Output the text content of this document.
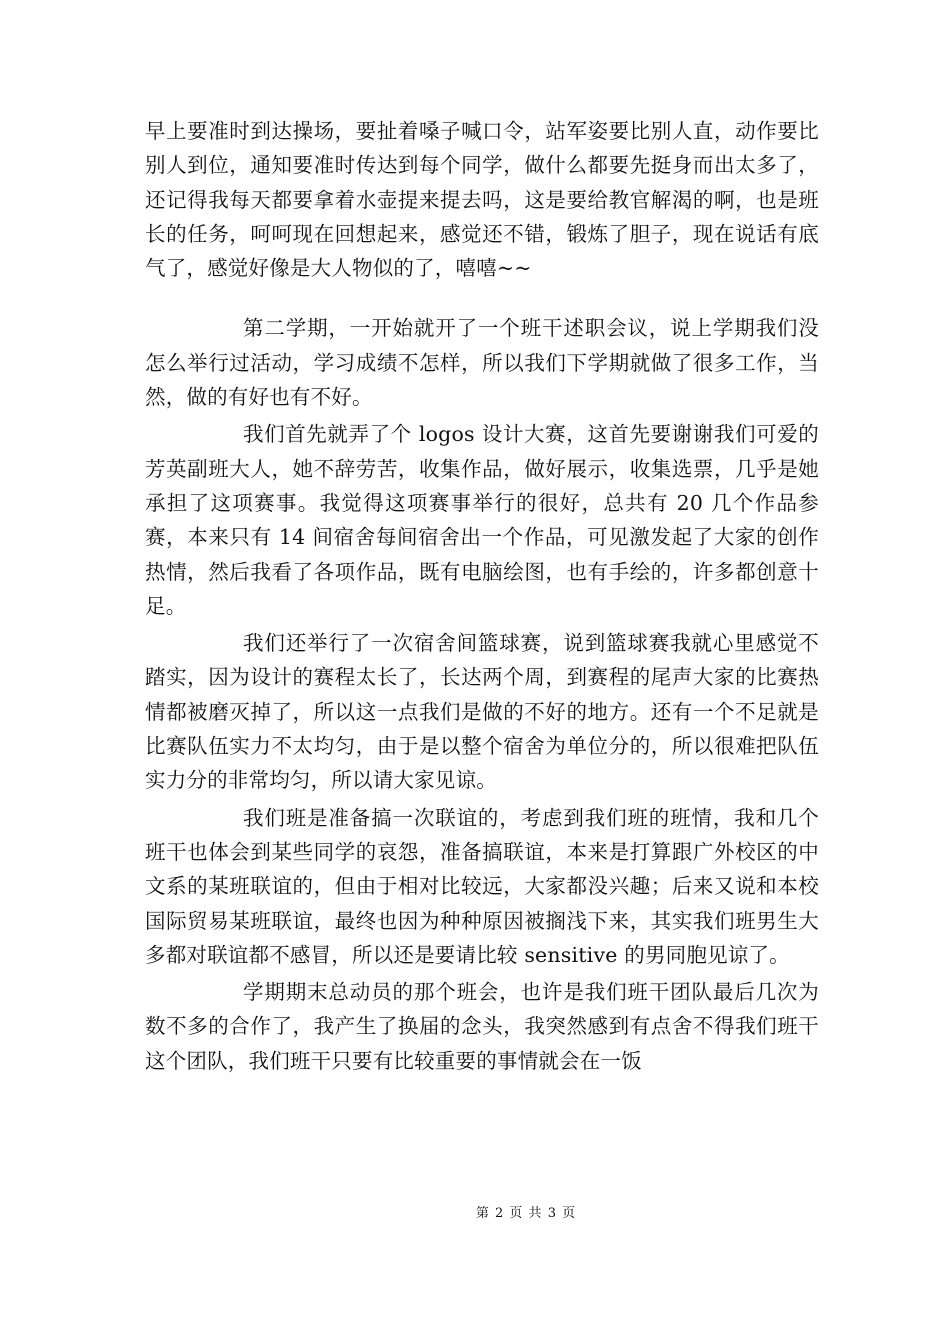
早上要准时到达操场，要扯着嗓子喊口令，站军姿要比别人直，动作要比别人到位，通知要准时传达到每个同学，做什么都要先挺身而出太多了，还记得我每天都要拿着水壶提来提去吗，这是要给教官解渴的啊，也是班长的任务，呵呵现在回想起来，感觉还不错，锻炼了胆子，现在说话有底气了，感觉好像是大人物似的了，嘻嘻~~

第二学期，一开始就开了一个班干述职会议，说上学期我们没怎么举行过活动，学习成绩不怎样，所以我们下学期就做了很多工作，当然，做的有好也有不好。

我们首先就弄了个 logos 设计大赛，这首先要谢谢我们可爱的芳英副班大人，她不辞劳苦，收集作品，做好展示，收集选票，几乎是她承担了这项赛事。我觉得这项赛事举行的很好，总共有 20 几个作品参赛，本来只有 14 间宿舍每间宿舍出一个作品，可见激发起了大家的创作热情，然后我看了各项作品，既有电脑绘图，也有手绘的，许多都创意十足。

我们还举行了一次宿舍间篮球赛，说到篮球赛我就心里感觉不踏实，因为设计的赛程太长了，长达两个周，到赛程的尾声大家的比赛热情都被磨灭掉了，所以这一点我们是做的不好的地方。还有一个不足就是比赛队伍实力不太均匀，由于是以整个宿舍为单位分的，所以很难把队伍实力分的非常均匀，所以请大家见谅。

我们班是准备搞一次联谊的，考虑到我们班的班情，我和几个班干也体会到某些同学的哀怨，准备搞联谊，本来是打算跟广外校区的中文系的某班联谊的，但由于相对比较远，大家都没兴趣；后来又说和本校国际贸易某班联谊，最终也因为种种原因被搁浅下来，其实我们班男生大多都对联谊都不感冒，所以还是要请比较 sensitive 的男同胞见谅了。

学期期末总动员的那个班会，也许是我们班干团队最后几次为数不多的合作了，我产生了换届的念头，我突然感到有点舍不得我们班干这个团队，我们班干只要有比较重要的事情就会在一饭

第 2 页 共 3 页
